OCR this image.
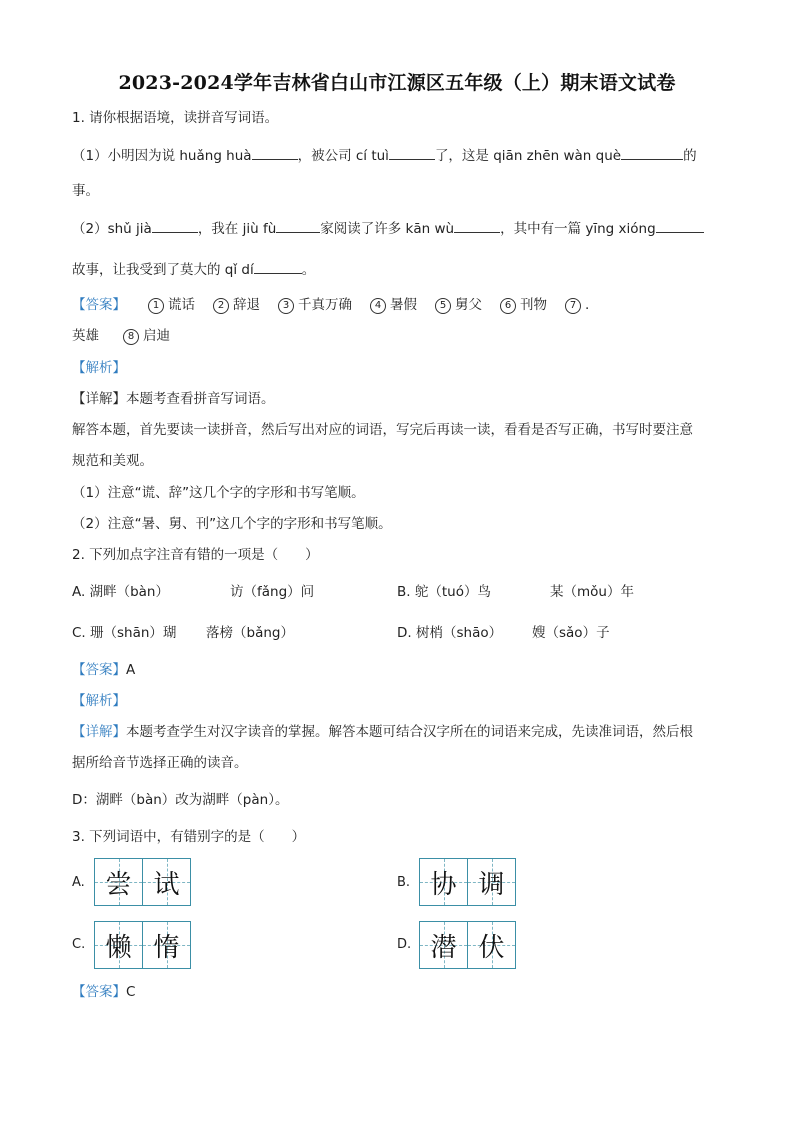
2023-2024学年吉林省白山市江源区五年级（上）期末语文试卷
1. 请你根据语境，读拼音写词语。
（1）小明因为说 huǎng huà	，被公司 cí tuì	了，这是 qiān zhēn wàn què	的
事。
（2）shǔ jià	，我在 jiù fù	家阅读了许多 kān wù	，其中有一篇 yīng xióng
故事，让我受到了莫大的 qǐ dí	。
【答案】	1 谎话 2 辞退 3 千真万确 4 暑假 5 舅父 6 刊物 7 .
英雄	8 启迪
【解析】
【详解】本题考查看拼音写词语。
解答本题，首先要读一读拼音，然后写出对应的词语，写完后再读一读，看看是否写正确，书写时要注意
规范和美观。
（1）注意“谎、辞”这几个字的字形和书写笔顺。
（2）注意“暑、舅、刊”这几个字的字形和书写笔顺。
2. 下列加点字注音有错的一项是（　　）
A. 湖畔（bàn）	访（fǎng）问	B. 鸵（tuó）鸟	某（mǒu）年
C. 珊（shān）瑚 落榜（bǎng）	D. 树梢（shāo） 嫂（sǎo）子
【答案】A
【解析】
【详解】本题考查学生对汉字读音的掌握。解答本题可结合汉字所在的词语来完成，先读准词语，然后根
据所给音节选择正确的读音。
D：湖畔（bàn）改为湖畔（pàn）。
3. 下列词语中，有错别字的是（　　）
A. 尝 试	B. 协 调
C. 懒 惰	D. 潜 伏
【答案】C
